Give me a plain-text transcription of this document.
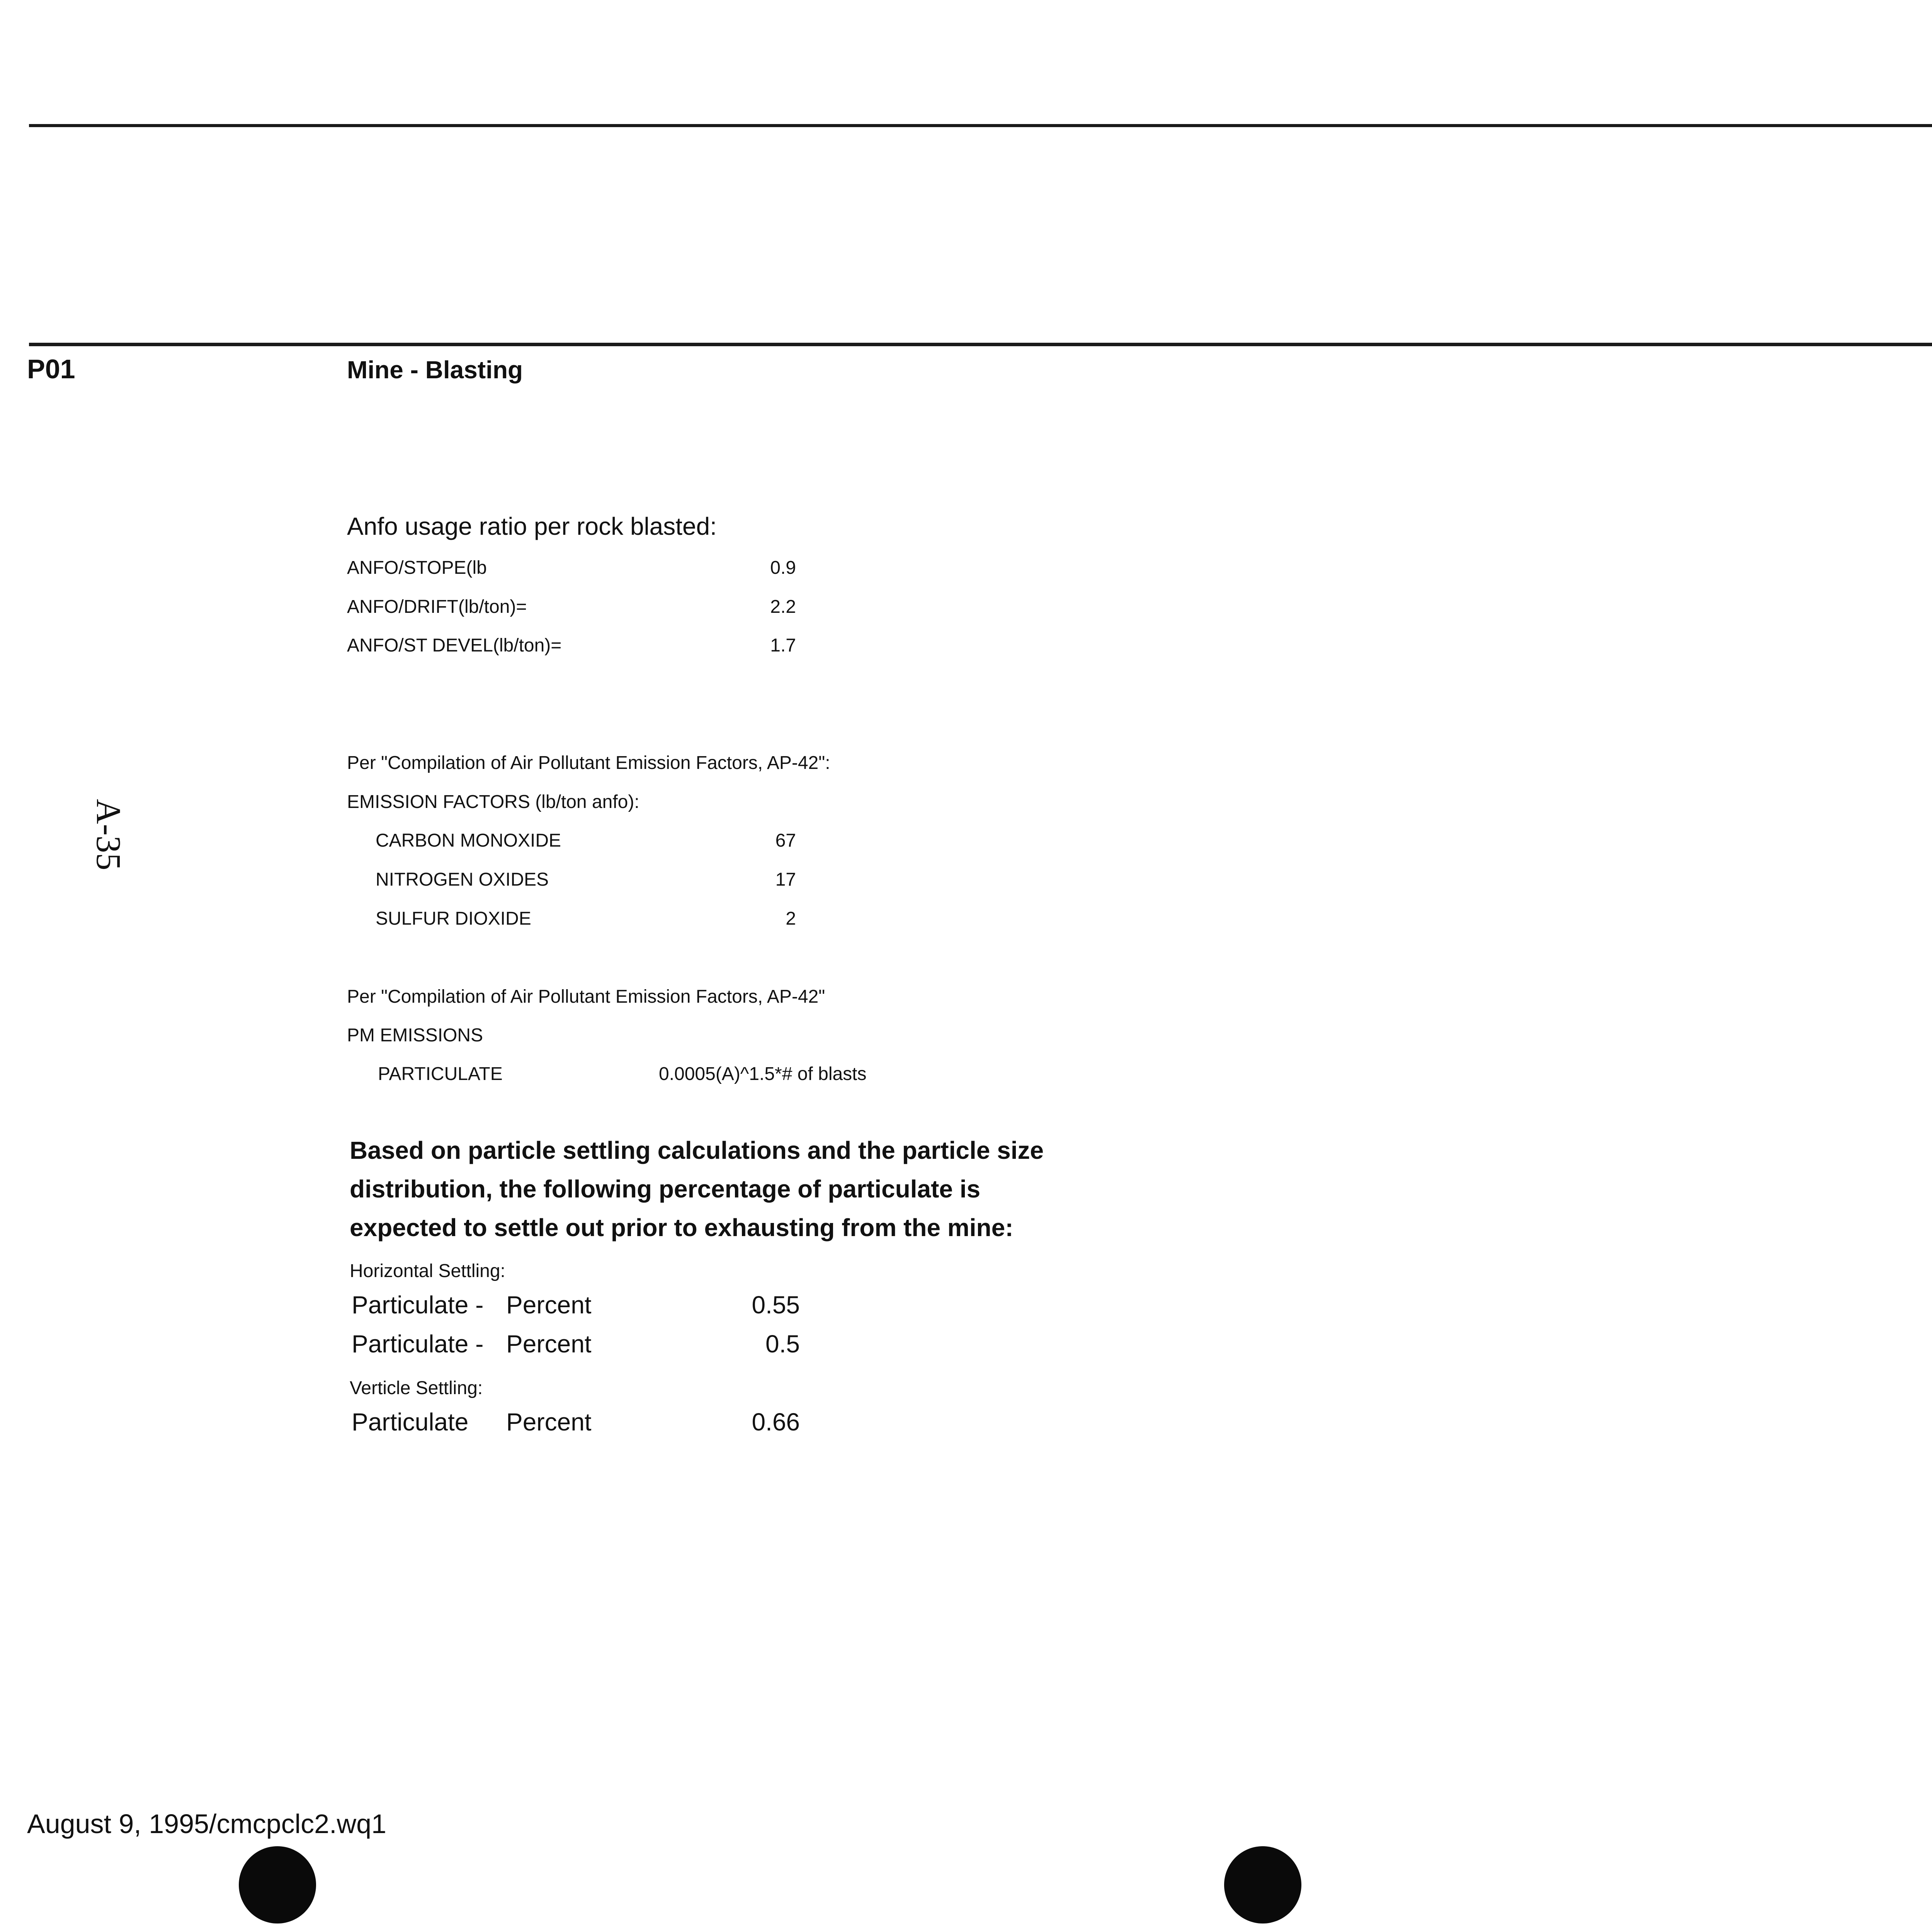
P01	Mine - Blasting
A-35
Anfo usage ratio per rock blasted:
ANFO/STOPE(lb	0.9
ANFO/DRIFT(lb/ton)=	2.2
ANFO/ST DEVEL(lb/ton)=	1.7
Per "Compilation of Air Pollutant Emission Factors, AP-42":
EMISSION FACTORS (lb/ton anfo):
CARBON MONOXIDE	67
NITROGEN OXIDES	17
SULFUR DIOXIDE	2
Per "Compilation of Air Pollutant Emission Factors, AP-42"
PM EMISSIONS
PARTICULATE	0.0005(A)^1.5*# of blasts
Based on particle settling calculations and the particle size
distribution, the following percentage of particulate is
expected to settle out prior to exhausting from the mine:
Horizontal Settling:
Particulate - Percent	0.55
Particulate - Percent	0.5
Verticle Settling:
Particulate Percent	0.66
August 9, 1995/cmcpclc2.wq1
